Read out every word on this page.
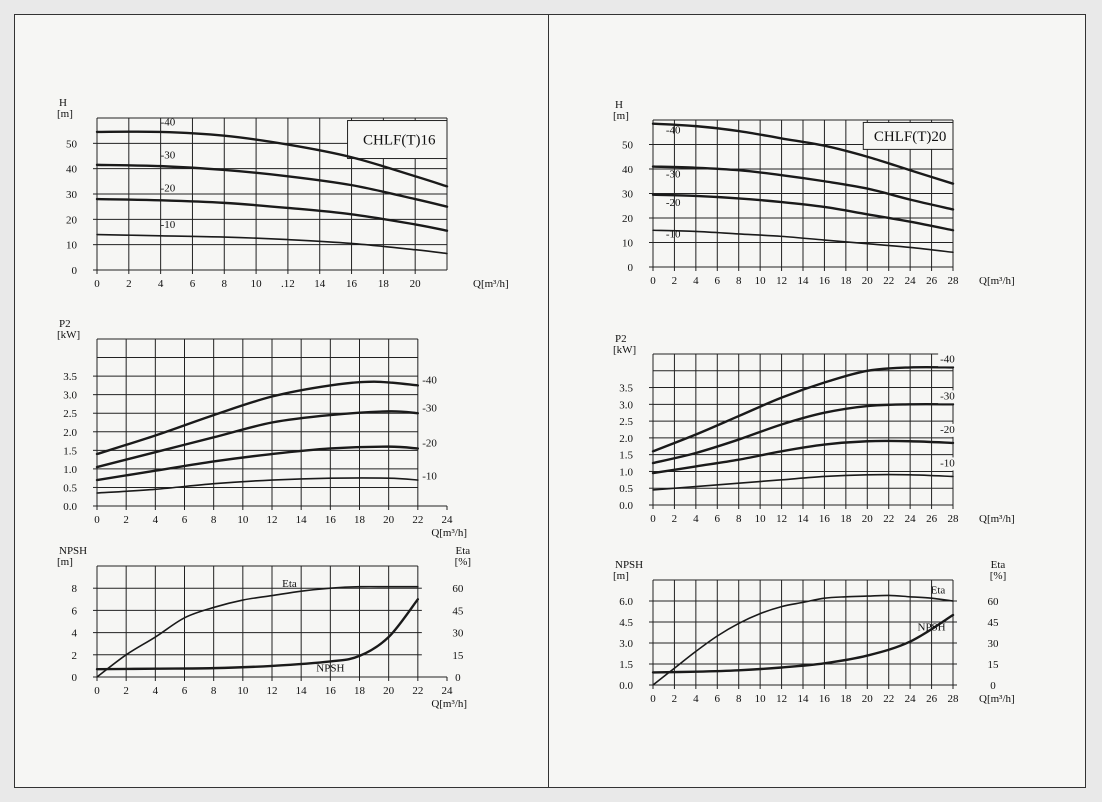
0 2 4 6 8 10 .12 14 16 18 20
0
10
20
30
40
50
H
[m]
Q[m³/h]
CHLF(T)16
-40
-30
-20
-10
0 2 4 6 8 10 12 14 16 18 20 22 24
0.0
0.5
1.0
1.5
2.0
2.5
3.0
3.5
P2
[kW]
Q[m³/h]
-40
-30
-20
-10
0 2 4 6 8 10 12 14 16 18 20 22 24
0
2
4
6
8
0
15
30
45
60
NPSH
[m]
Eta
[%]
Q[m³/h]
Eta
NPSH
0 2 4 6 8 10 12 14 16 18 20 22 24 26 28
0
10
20
30
40
50
H
[m]
Q[m³/h]
CHLF(T)20
-40
-30
-20
-10
0 2 4 6 8 10 12 14 16 18 20 22 24 26 28
0.0
0.5
1.0
1.5
2.0
2.5
3.0
3.5
P2
[kW]
Q[m³/h]
-40
-30
-20
-10
0 2 4 6 8 10 12 14 16 18 20 22 24 26 28
0.0
1.5
3.0
4.5
6.0
0
15
30
45
60
NPSH
[m]
Eta
[%]
Q[m³/h]
Eta
NPSH
